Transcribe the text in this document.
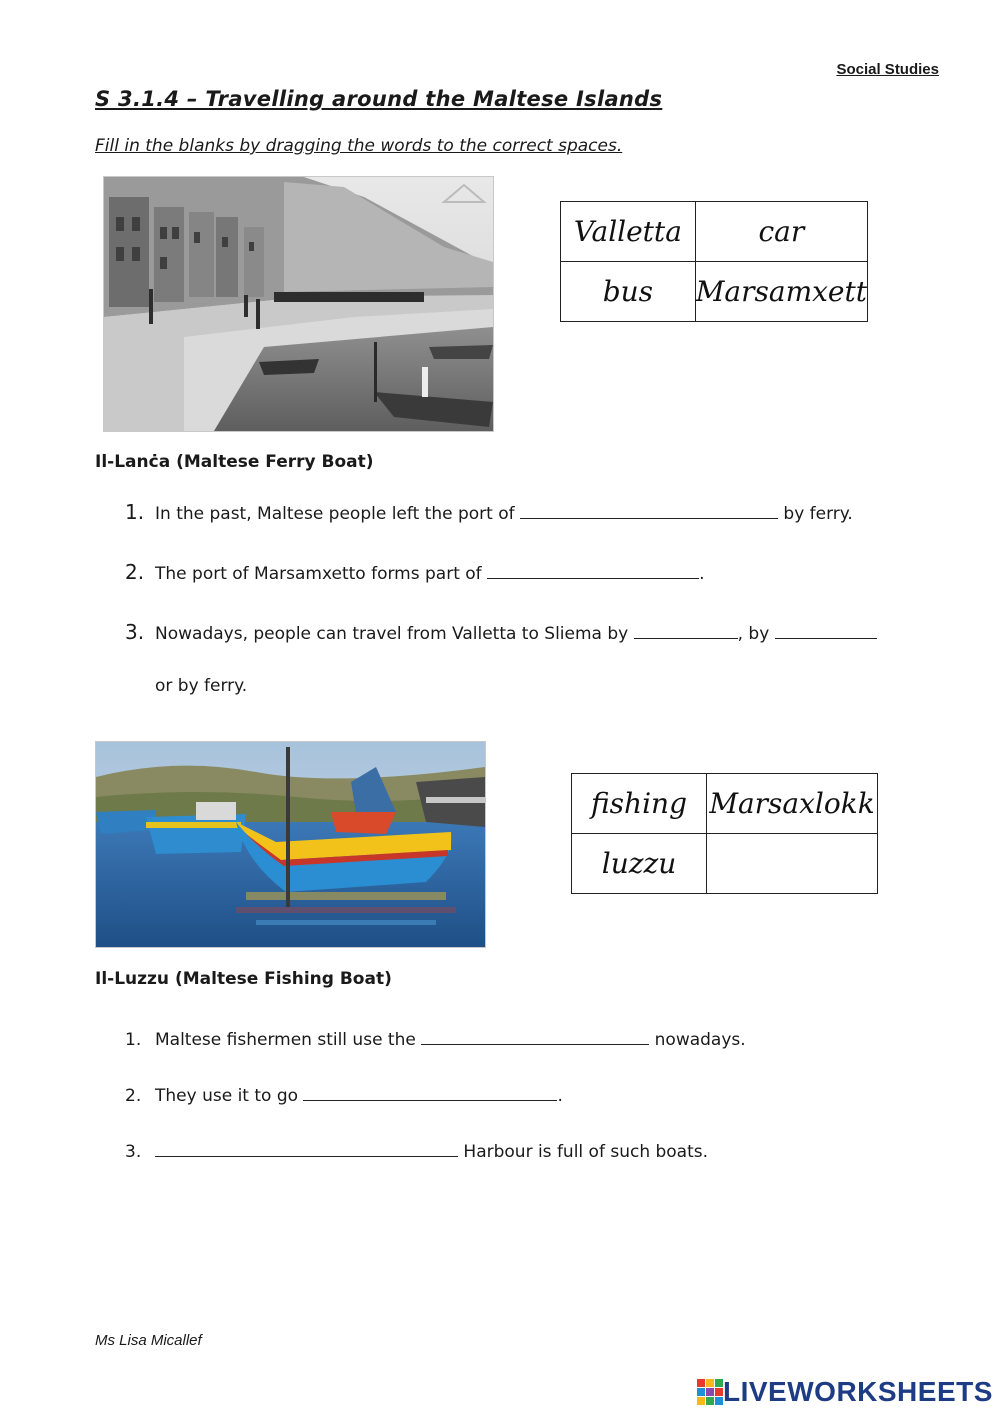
Social Studies
S 3.1.4 – Travelling around the Maltese Islands
Fill in the blanks by dragging the words to the correct spaces.
Valletta	car
bus	Marsamxett
Il-Lanċa (Maltese Ferry Boat)
1. In the past, Maltese people left the port of	by ferry.
2. The port of Marsamxetto forms part of	.
3. Nowadays, people can travel from Valletta to Sliema by	, by
or by ferry.
fishing	Marsaxlokk
luzzu	
Il-Luzzu (Maltese Fishing Boat)
1. Maltese fishermen still use the	nowadays.
2. They use it to go	.
3.	Harbour is full of such boats.
Ms Lisa Micallef
LIVEWORKSHEETS
